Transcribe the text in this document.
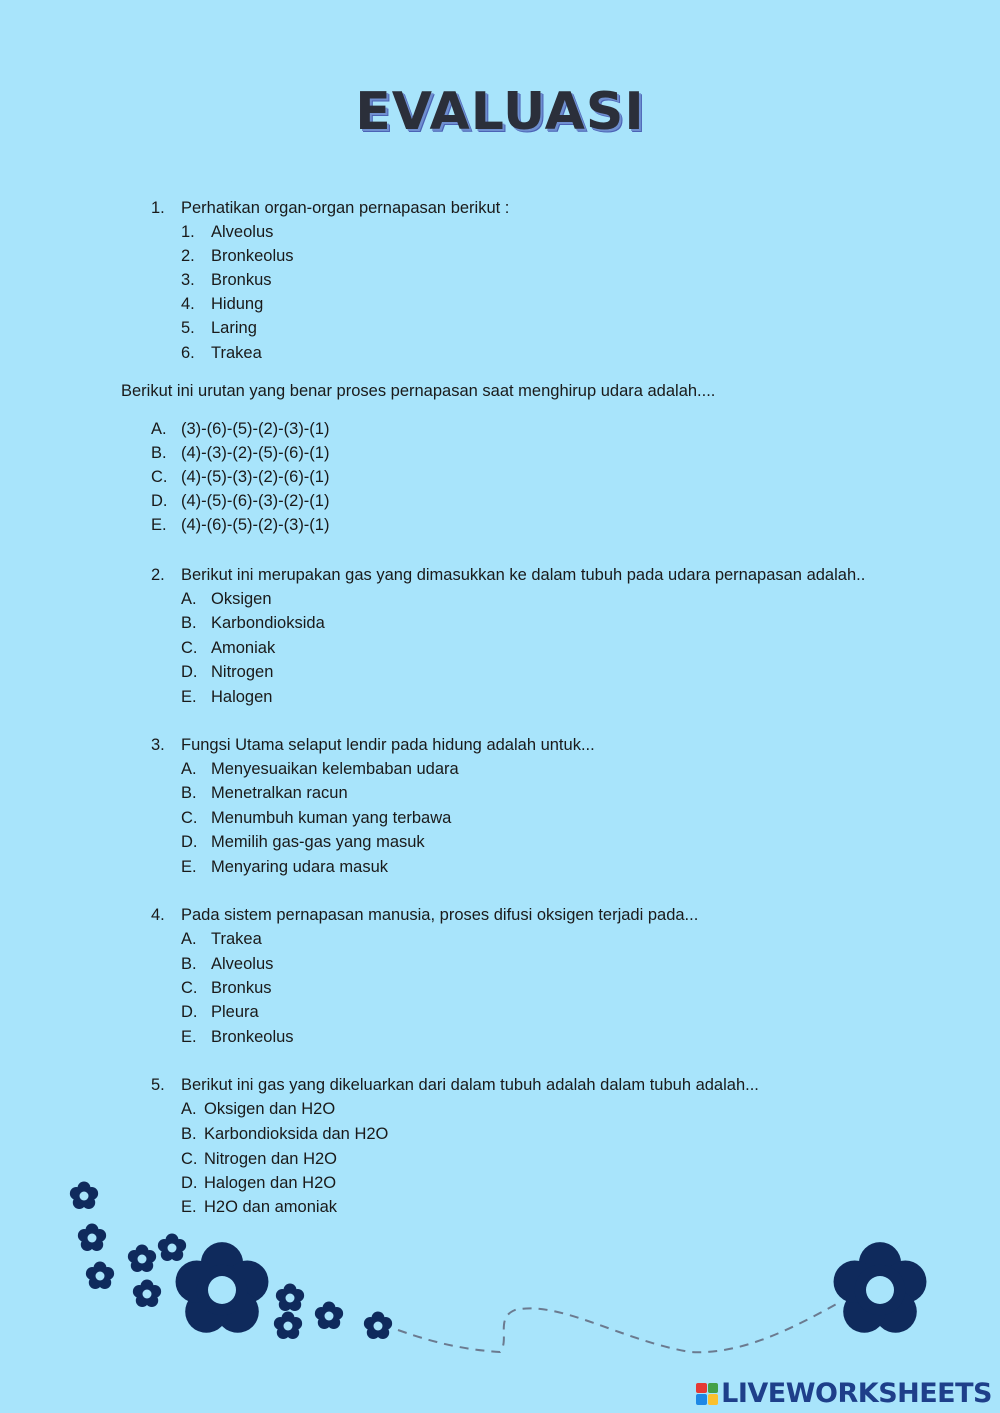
EVALUASI
1. Perhatikan organ-organ pernapasan berikut :
1. Alveolus
2. Bronkeolus
3. Bronkus
4. Hidung
5. Laring
6. Trakea
Berikut ini urutan yang benar proses pernapasan saat menghirup udara adalah....
A. (3)-(6)-(5)-(2)-(3)-(1)
B. (4)-(3)-(2)-(5)-(6)-(1)
C. (4)-(5)-(3)-(2)-(6)-(1)
D. (4)-(5)-(6)-(3)-(2)-(1)
E. (4)-(6)-(5)-(2)-(3)-(1)
2. Berikut ini merupakan gas yang dimasukkan ke dalam tubuh pada udara pernapasan adalah..
A. Oksigen
B. Karbondioksida
C. Amoniak
D. Nitrogen
E. Halogen
3. Fungsi Utama selaput lendir pada hidung adalah untuk...
A. Menyesuaikan kelembaban udara
B. Menetralkan racun
C. Menumbuh kuman yang terbawa
D. Memilih gas-gas yang masuk
E. Menyaring udara masuk
4. Pada sistem pernapasan manusia, proses difusi oksigen terjadi pada...
A. Trakea
B. Alveolus
C. Bronkus
D. Pleura
E. Bronkeolus
5. Berikut ini gas yang dikeluarkan dari dalam tubuh adalah dalam tubuh adalah...
A. Oksigen dan H2O
B. Karbondioksida dan H2O
C. Nitrogen dan H2O
D. Halogen dan H2O
E. H2O dan amoniak
LIVEWORKSHEETS
